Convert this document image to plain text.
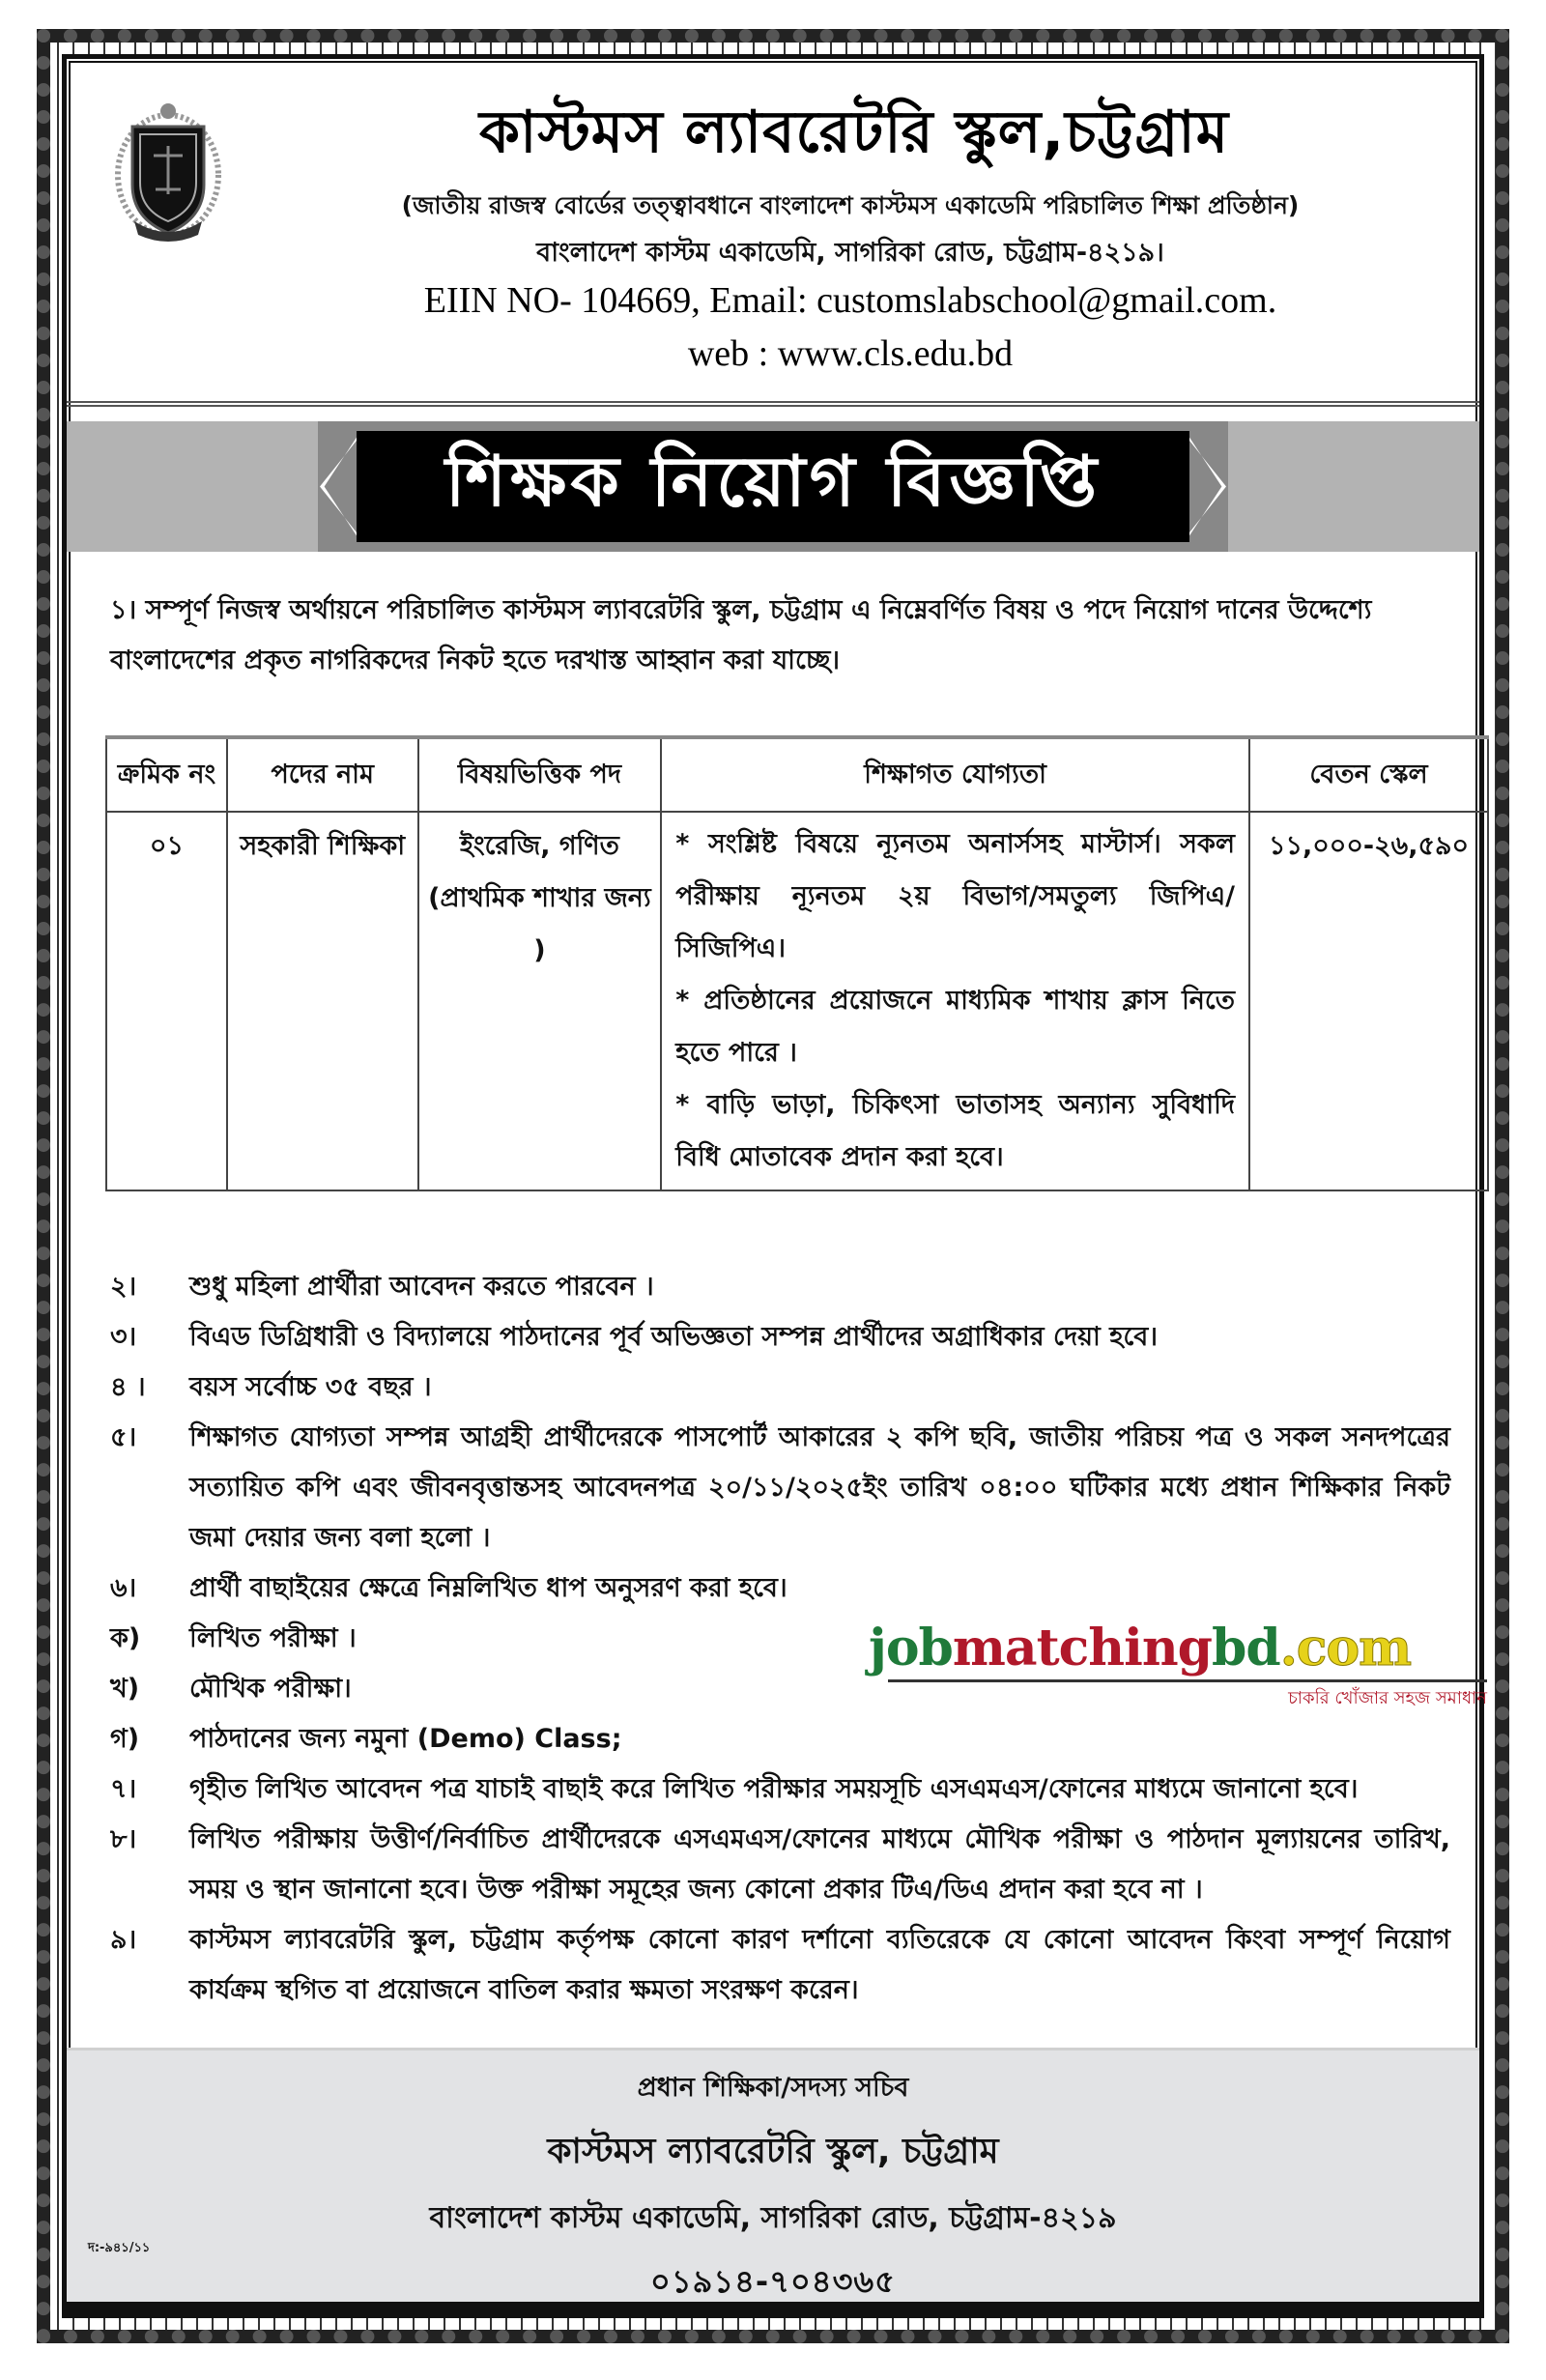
কাস্টমস ল্যাবরেটরি স্কুল,চট্টগ্রাম
(জাতীয় রাজস্ব বোর্ডের তত্ত্বাবধানে বাংলাদেশ কাস্টমস একাডেমি পরিচালিত শিক্ষা প্রতিষ্ঠান)
বাংলাদেশ কাস্টম একাডেমি, সাগরিকা রোড, চট্টগ্রাম-৪২১৯।
EIIN NO- 104669, Email: customslabschool@gmail.com.
web : www.cls.edu.bd
শিক্ষক নিয়োগ বিজ্ঞপ্তি
১। সম্পূর্ণ নিজস্ব অর্থায়নে পরিচালিত কাস্টমস ল্যাবরেটরি স্কুল, চট্টগ্রাম এ নিম্নেবর্ণিত বিষয় ও পদে নিয়োগ দানের উদ্দেশ্যে বাংলাদেশের প্রকৃত নাগরিকদের নিকট হতে দরখাস্ত আহ্বান করা যাচ্ছে।
ক্রমিক নং	পদের নাম	বিষয়ভিত্তিক পদ	শিক্ষাগত যোগ্যতা	বেতন স্কেল
০১	সহকারী শিক্ষিকা	ইংরেজি, গণিত (প্রাথমিক শাখার জন্য )	* সংশ্লিষ্ট বিষয়ে ন্যূনতম অনার্সসহ মাস্টার্স। সকল পরীক্ষায় ন্যূনতম ২য় বিভাগ/সমতুল্য জিপিএ/সিজিপিএ।
* প্রতিষ্ঠানের প্রয়োজনে মাধ্যমিক শাখায় ক্লাস নিতে হতে পারে ।
* বাড়ি ভাড়া, চিকিৎসা ভাতাসহ অন্যান্য সুবিধাদি বিধি মোতাবেক প্রদান করা হবে।	১১,০০০-২৬,৫৯০
২।	শুধু মহিলা প্রার্থীরা আবেদন করতে পারবেন ।
৩।	বিএড ডিগ্রিধারী ও বিদ্যালয়ে পাঠদানের পূর্ব অভিজ্ঞতা সম্পন্ন প্রার্থীদের অগ্রাধিকার দেয়া হবে।
৪ ।	বয়স সর্বোচ্চ ৩৫ বছর ।
৫।	শিক্ষাগত যোগ্যতা সম্পন্ন আগ্রহী প্রার্থীদেরকে পাসপোর্ট আকারের ২ কপি ছবি, জাতীয় পরিচয় পত্র ও সকল সনদপত্রের সত্যায়িত কপি এবং জীবনবৃত্তান্তসহ আবেদনপত্র ২০/১১/২০২৫ইং তারিখ ০৪:০০ ঘটিকার মধ্যে প্রধান শিক্ষিকার নিকট জমা দেয়ার জন্য বলা হলো ।
৬।	প্রার্থী বাছাইয়ের ক্ষেত্রে নিম্নলিখিত ধাপ অনুসরণ করা হবে।
ক)	লিখিত পরীক্ষা ।
খ)	মৌখিক পরীক্ষা।
গ)	পাঠদানের জন্য নমুনা (Demo) Class;
৭।	গৃহীত লিখিত আবেদন পত্র যাচাই বাছাই করে লিখিত পরীক্ষার সময়সূচি এসএমএস/ফোনের মাধ্যমে জানানো হবে।
৮।	লিখিত পরীক্ষায় উত্তীর্ণ/নির্বাচিত প্রার্থীদেরকে এসএমএস/ফোনের মাধ্যমে মৌখিক পরীক্ষা ও পাঠদান মূল্যায়নের তারিখ, সময় ও স্থান জানানো হবে। উক্ত পরীক্ষা সমূহের জন্য কোনো প্রকার টিএ/ডিএ প্রদান করা হবে না ।
৯।	কাস্টমস ল্যাবরেটরি স্কুল, চট্টগ্রাম কর্তৃপক্ষ কোনো কারণ দর্শানো ব্যতিরেকে যে কোনো আবেদন কিংবা সম্পূর্ণ নিয়োগ কার্যক্রম স্থগিত বা প্রয়োজনে বাতিল করার ক্ষমতা সংরক্ষণ করেন।
jobmatchingbd.com
চাকরি খোঁজার সহজ সমাধান
প্রধান শিক্ষিকা/সদস্য সচিব
কাস্টমস ল্যাবরেটরি স্কুল, চট্টগ্রাম
বাংলাদেশ কাস্টম একাডেমি, সাগরিকা রোড, চট্টগ্রাম-৪২১৯
০১৯১৪-৭০৪৩৬৫
দ:-৯৪১/১১
